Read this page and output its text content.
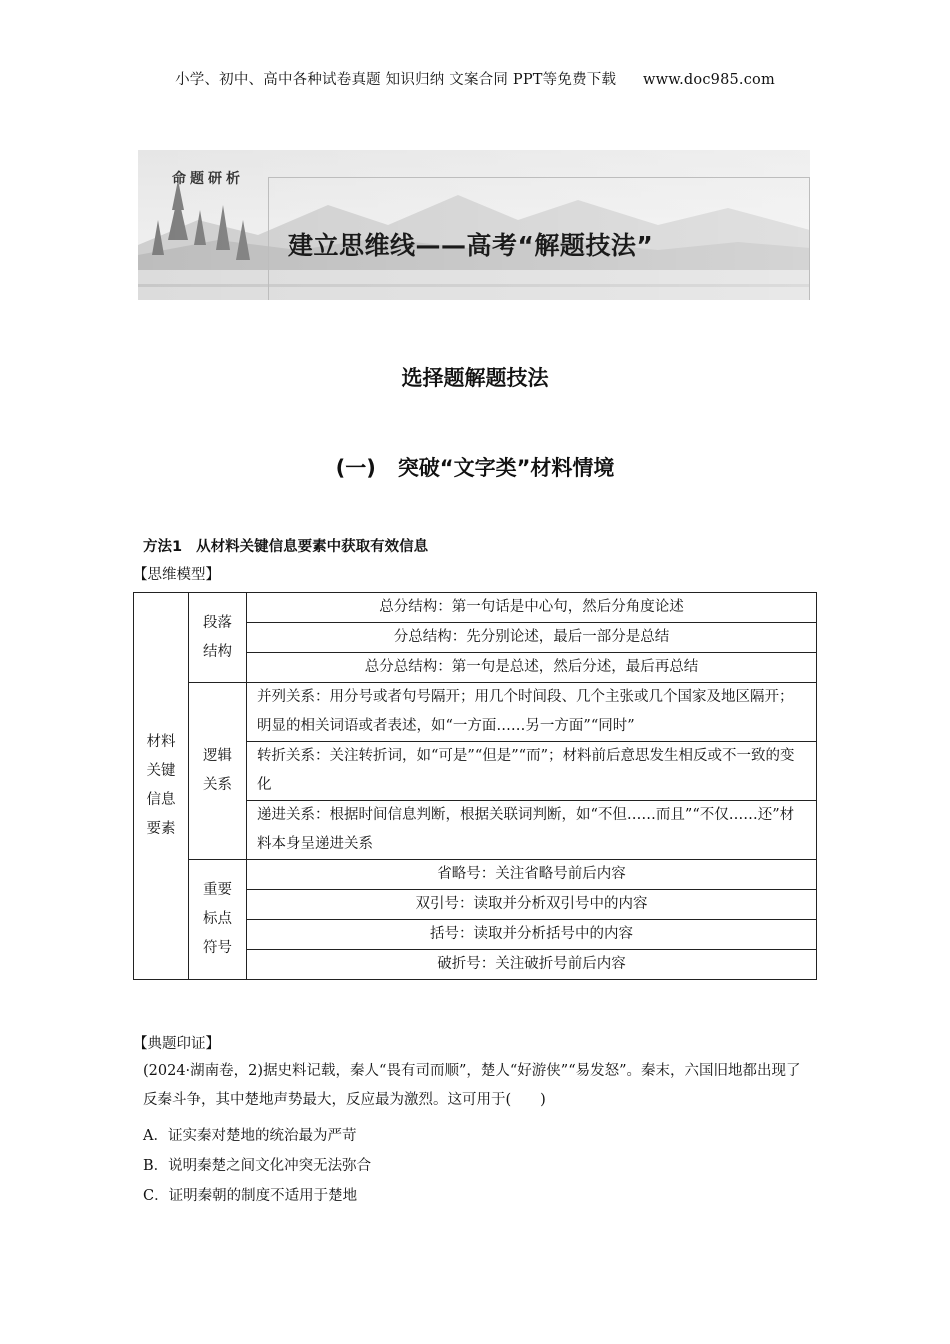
小学、初中、高中各种试卷真题 知识归纳 文案合同 PPT等免费下载 www.doc985.com
命题研析
建立思维线——高考“解题技法”
选择题解题技法
(一) 突破“文字类”材料情境
方法1 从材料关键信息要素中获取有效信息
【思维模型】
材料
关键
信息
要素	段落
结构	总分结构：第一句话是中心句，然后分角度论述
		分总结构：先分别论述，最后一部分是总结
		总分总结构：第一句是总述，然后分述，最后再总结
	逻辑
关系	并列关系：用分号或者句号隔开；用几个时间段、几个主张或几个国家及地区隔开；明显的相关词语或者表述，如“一方面……另一方面”“同时”
		转折关系：关注转折词，如“可是”“但是”“而”；材料前后意思发生相反或不一致的变化
		递进关系：根据时间信息判断，根据关联词判断，如“不但……而且”“不仅……还”材料本身呈递进关系
	重要
标点
符号	省略号：关注省略号前后内容
		双引号：读取并分析双引号中的内容
		括号：读取并分析括号中的内容
		破折号：关注破折号前后内容
【典题印证】
(2024·湖南卷，2)据史料记载，秦人“畏有司而顺”，楚人“好游侠”“易发怒”。秦末，六国旧地都出现了反秦斗争，其中楚地声势最大，反应最为激烈。这可用于(　　)
A．证实秦对楚地的统治最为严苛
B．说明秦楚之间文化冲突无法弥合
C．证明秦朝的制度不适用于楚地
